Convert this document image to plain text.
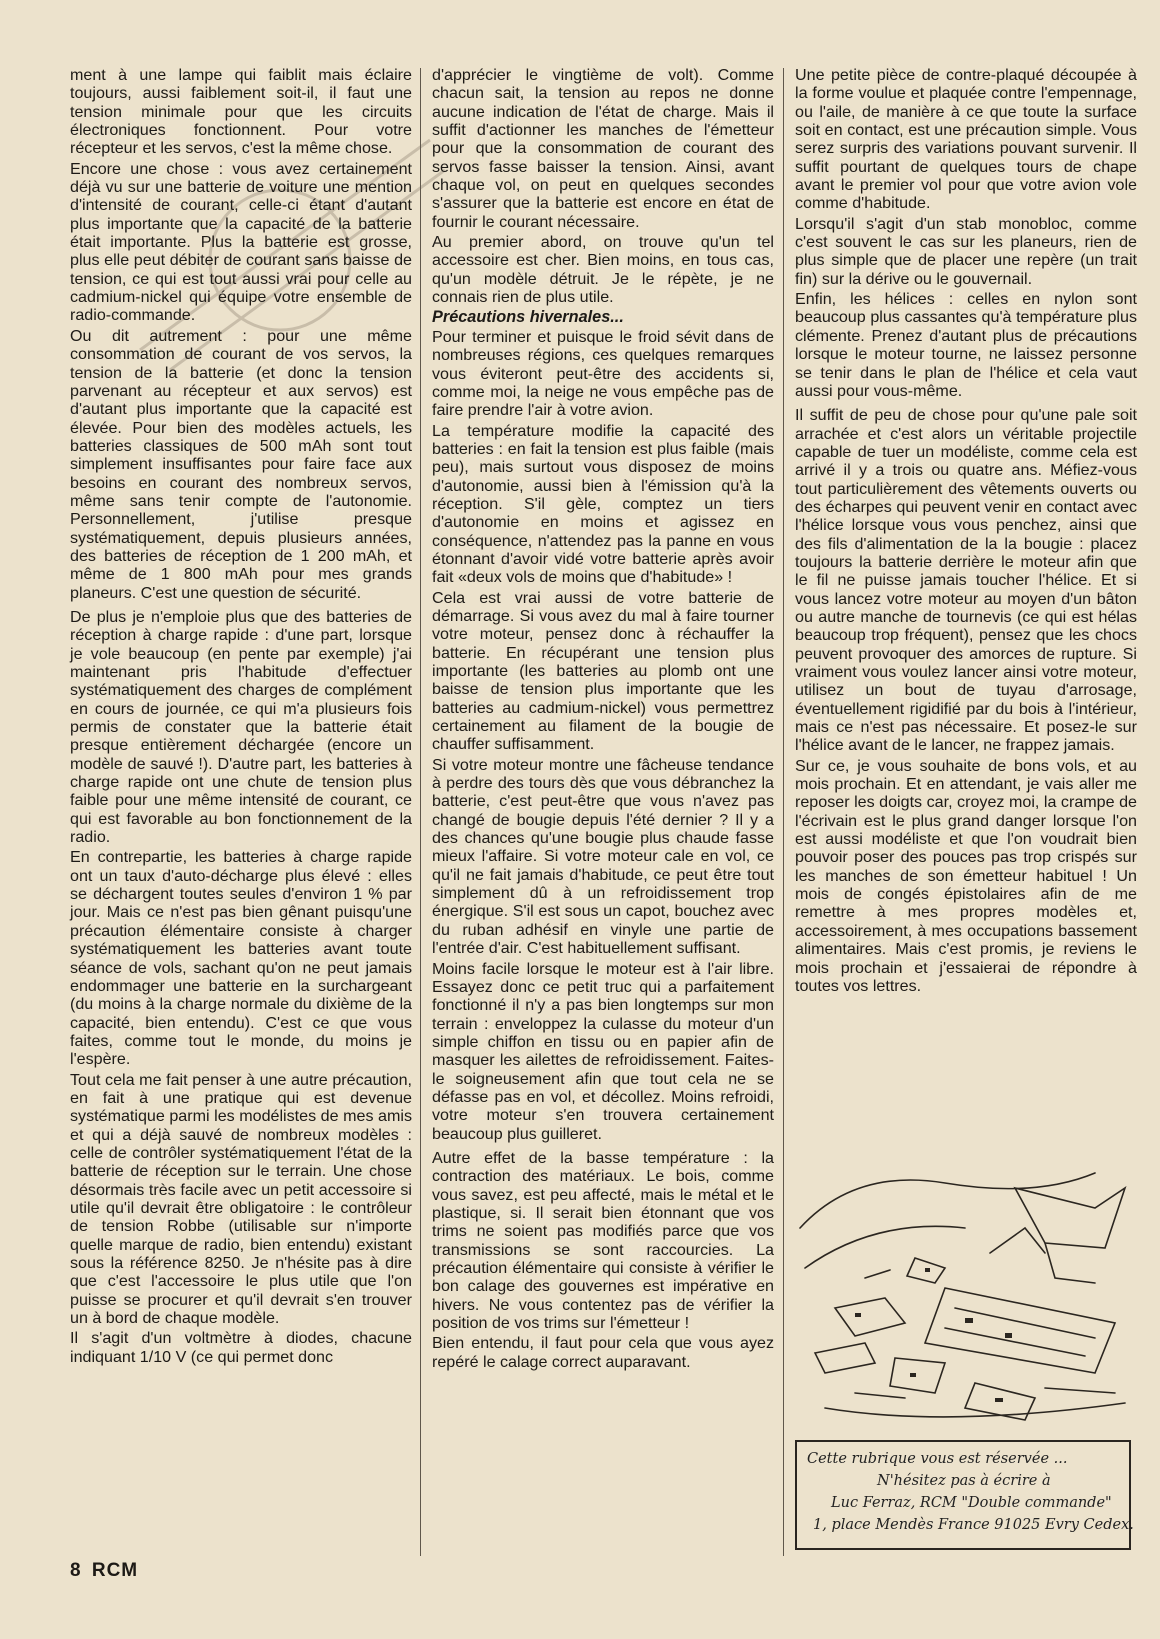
ment à une lampe qui faiblit mais éclaire toujours, aussi faiblement soit-il, il faut une tension minimale pour que les circuits électroniques fonctionnent. Pour votre récepteur et les servos, c'est la même chose.

Encore une chose : vous avez certainement déjà vu sur une batterie de voiture une mention d'intensité de courant, celle-ci étant d'autant plus importante que la capacité de la batterie était importante. Plus la batterie est grosse, plus elle peut débiter de courant sans baisse de tension, ce qui est tout aussi vrai pour celle au cadmium-nickel qui équipe votre ensemble de radio-commande.

Ou dit autrement : pour une même consommation de courant de vos servos, la tension de la batterie (et donc la tension parvenant au récepteur et aux servos) est d'autant plus importante que la capacité est élevée. Pour bien des modèles actuels, les batteries classiques de 500 mAh sont tout simplement insuffisantes pour faire face aux besoins en courant des nombreux servos, même sans tenir compte de l'autonomie. Personnellement, j'utilise presque systématiquement, depuis plusieurs années, des batteries de réception de 1 200 mAh, et même de 1 800 mAh pour mes grands planeurs. C'est une question de sécurité.

De plus je n'emploie plus que des batteries de réception à charge rapide : d'une part, lorsque je vole beaucoup (en pente par exemple) j'ai maintenant pris l'habitude d'effectuer systématiquement des charges de complément en cours de journée, ce qui m'a plusieurs fois permis de constater que la batterie était presque entièrement déchargée (encore un modèle de sauvé !). D'autre part, les batteries à charge rapide ont une chute de tension plus faible pour une même intensité de courant, ce qui est favorable au bon fonctionnement de la radio.

En contrepartie, les batteries à charge rapide ont un taux d'auto-décharge plus élevé : elles se déchargent toutes seules d'environ 1 % par jour. Mais ce n'est pas bien gênant puisqu'une précaution élémentaire consiste à charger systématiquement les batteries avant toute séance de vols, sachant qu'on ne peut jamais endommager une batterie en la surchargeant (du moins à la charge normale du dixième de la capacité, bien entendu). C'est ce que vous faites, comme tout le monde, du moins je l'espère.

Tout cela me fait penser à une autre précaution, en fait à une pratique qui est devenue systématique parmi les modélistes de mes amis et qui a déjà sauvé de nombreux modèles : celle de contrôler systématiquement l'état de la batterie de réception sur le terrain. Une chose désormais très facile avec un petit accessoire si utile qu'il devrait être obligatoire : le contrôleur de tension Robbe (utilisable sur n'importe quelle marque de radio, bien entendu) existant sous la référence 8250. Je n'hésite pas à dire que c'est l'accessoire le plus utile que l'on puisse se procurer et qu'il devrait s'en trouver un à bord de chaque modèle.

Il s'agit d'un voltmètre à diodes, chacune indiquant 1/10 V (ce qui permet donc

d'apprécier le vingtième de volt). Comme chacun sait, la tension au repos ne donne aucune indication de l'état de charge. Mais il suffit d'actionner les manches de l'émetteur pour que la consommation de courant des servos fasse baisser la tension. Ainsi, avant chaque vol, on peut en quelques secondes s'assurer que la batterie est encore en état de fournir le courant nécessaire.

Au premier abord, on trouve qu'un tel accessoire est cher. Bien moins, en tous cas, qu'un modèle détruit. Je le répète, je ne connais rien de plus utile.

Précautions hivernales...

Pour terminer et puisque le froid sévit dans de nombreuses régions, ces quelques remarques vous éviteront peut-être des accidents si, comme moi, la neige ne vous empêche pas de faire prendre l'air à votre avion.

La température modifie la capacité des batteries : en fait la tension est plus faible (mais peu), mais surtout vous disposez de moins d'autonomie, aussi bien à l'émission qu'à la réception. S'il gèle, comptez un tiers d'autonomie en moins et agissez en conséquence, n'attendez pas la panne en vous étonnant d'avoir vidé votre batterie après avoir fait «deux vols de moins que d'habitude» !

Cela est vrai aussi de votre batterie de démarrage. Si vous avez du mal à faire tourner votre moteur, pensez donc à réchauffer la batterie. En récupérant une tension plus importante (les batteries au plomb ont une baisse de tension plus importante que les batteries au cadmium-nickel) vous permettrez certainement au filament de la bougie de chauffer suffisamment.

Si votre moteur montre une fâcheuse tendance à perdre des tours dès que vous débranchez la batterie, c'est peut-être que vous n'avez pas changé de bougie depuis l'été dernier ? Il y a des chances qu'une bougie plus chaude fasse mieux l'affaire. Si votre moteur cale en vol, ce qu'il ne fait jamais d'habitude, ce peut être tout simplement dû à un refroidissement trop énergique. S'il est sous un capot, bouchez avec du ruban adhésif en vinyle une partie de l'entrée d'air. C'est habituellement suffisant.

Moins facile lorsque le moteur est à l'air libre. Essayez donc ce petit truc qui a parfaitement fonctionné il n'y a pas bien longtemps sur mon terrain : enveloppez la culasse du moteur d'un simple chiffon en tissu ou en papier afin de masquer les ailettes de refroidissement. Faites-le soigneusement afin que tout cela ne se défasse pas en vol, et décollez. Moins refroidi, votre moteur s'en trouvera certainement beaucoup plus guilleret.

Autre effet de la basse température : la contraction des matériaux. Le bois, comme vous savez, est peu affecté, mais le métal et le plastique, si. Il serait bien étonnant que vos trims ne soient pas modifiés parce que vos transmissions se sont raccourcies. La précaution élémentaire qui consiste à vérifier le bon calage des gouvernes est impérative en hivers. Ne vous contentez pas de vérifier la position de vos trims sur l'émetteur !

Bien entendu, il faut pour cela que vous ayez repéré le calage correct auparavant.

Une petite pièce de contre-plaqué découpée à la forme voulue et plaquée contre l'empennage, ou l'aile, de manière à ce que toute la surface soit en contact, est une précaution simple. Vous serez surpris des variations pouvant survenir. Il suffit pourtant de quelques tours de chape avant le premier vol pour que votre avion vole comme d'habitude.

Lorsqu'il s'agit d'un stab monobloc, comme c'est souvent le cas sur les planeurs, rien de plus simple que de placer une repère (un trait fin) sur la dérive ou le gouvernail.

Enfin, les hélices : celles en nylon sont beaucoup plus cassantes qu'à température plus clémente. Prenez d'autant plus de précautions lorsque le moteur tourne, ne laissez personne se tenir dans le plan de l'hélice et cela vaut aussi pour vous-même.

Il suffit de peu de chose pour qu'une pale soit arrachée et c'est alors un véritable projectile capable de tuer un modéliste, comme cela est arrivé il y a trois ou quatre ans. Méfiez-vous tout particulièrement des vêtements ouverts ou des écharpes qui peuvent venir en contact avec l'hélice lorsque vous vous penchez, ainsi que des fils d'alimentation de la la bougie : placez toujours la batterie derrière le moteur afin que le fil ne puisse jamais toucher l'hélice. Et si vous lancez votre moteur au moyen d'un bâton ou autre manche de tournevis (ce qui est hélas beaucoup trop fréquent), pensez que les chocs peuvent provoquer des amorces de rupture. Si vraiment vous voulez lancer ainsi votre moteur, utilisez un bout de tuyau d'arrosage, éventuellement rigidifié par du bois à l'intérieur, mais ce n'est pas nécessaire. Et posez-le sur l'hélice avant de le lancer, ne frappez jamais.

Sur ce, je vous souhaite de bons vols, et au mois prochain. Et en attendant, je vais aller me reposer les doigts car, croyez moi, la crampe de l'écrivain est le plus grand danger lorsque l'on est aussi modéliste et que l'on voudrait bien pouvoir poser des pouces pas trop crispés sur les manches de son émetteur habituel ! Un mois de congés épistolaires afin de me remettre à mes propres modèles et, accessoirement, à mes occupations bassement alimentaires. Mais c'est promis, je reviens le mois prochain et j'essaierai de répondre à toutes vos lettres.

Cette rubrique vous est réservée ...
N'hésitez pas à écrire à
Luc Ferraz, RCM "Double commande"
1, place Mendès France 91025 Evry Cedex.
8 RCM
